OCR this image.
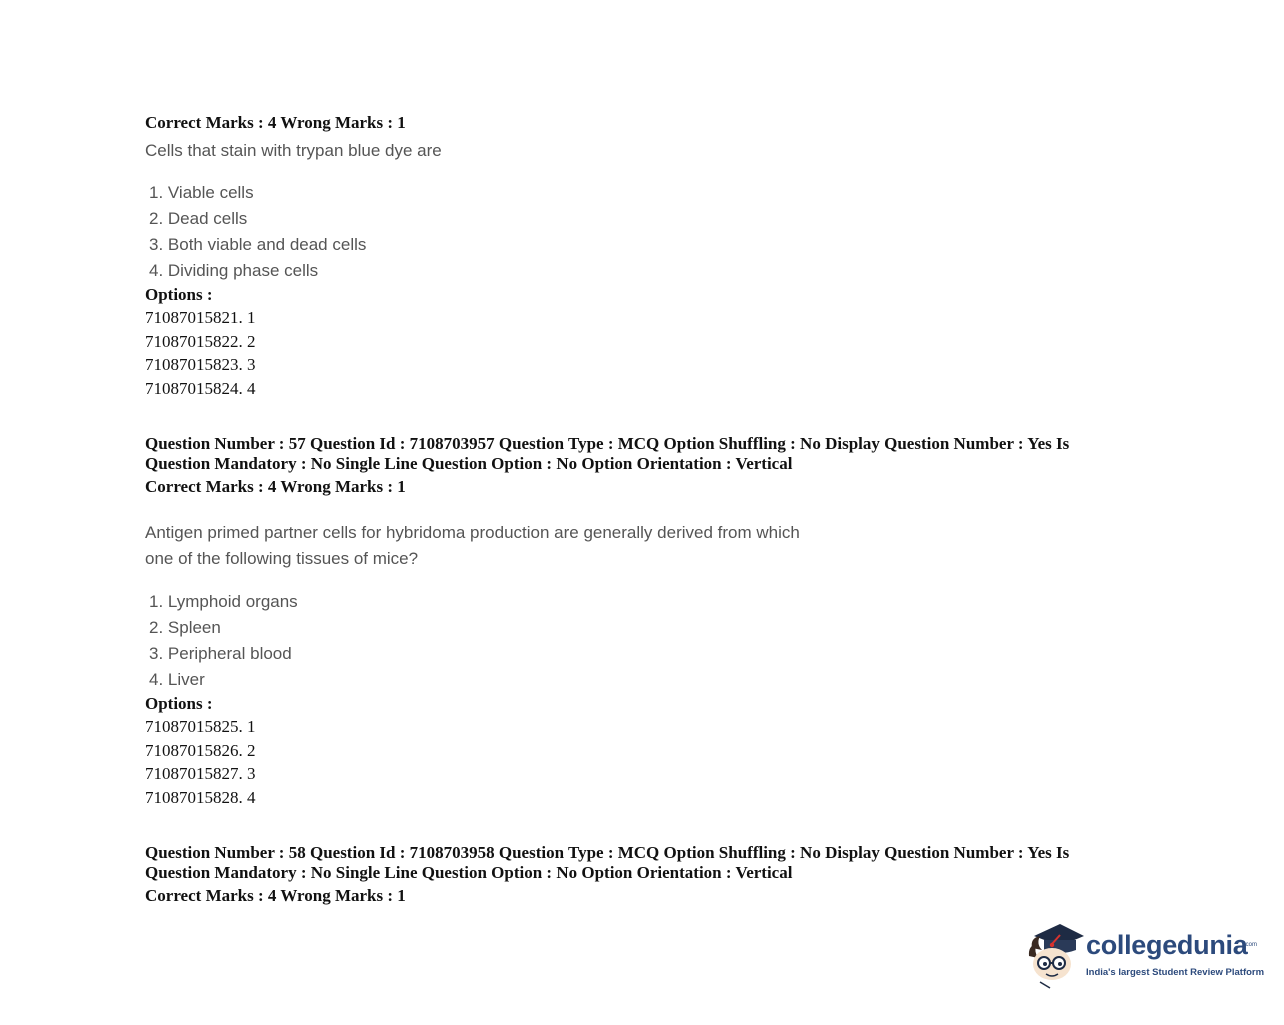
Correct Marks : 4 Wrong Marks : 1

Cells that stain with trypan blue dye are

1. Viable cells
2. Dead cells
3. Both viable and dead cells
4. Dividing phase cells

Options :

71087015821. 1
71087015822. 2
71087015823. 3
71087015824. 4

Question Number : 57 Question Id : 7108703957 Question Type : MCQ Option Shuffling : No Display Question Number : Yes Is

Question Mandatory : No Single Line Question Option : No Option Orientation : Vertical

Correct Marks : 4 Wrong Marks : 1

Antigen primed partner cells for hybridoma production are generally derived from which

one of the following tissues of mice?

1. Lymphoid organs
2. Spleen
3. Peripheral blood
4. Liver

Options :

71087015825. 1
71087015826. 2
71087015827. 3
71087015828. 4

Question Number : 58 Question Id : 7108703958 Question Type : MCQ Option Shuffling : No Display Question Number : Yes Is

Question Mandatory : No Single Line Question Option : No Option Orientation : Vertical

Correct Marks : 4 Wrong Marks : 1

collegedunia
.com
India's largest Student Review Platform
